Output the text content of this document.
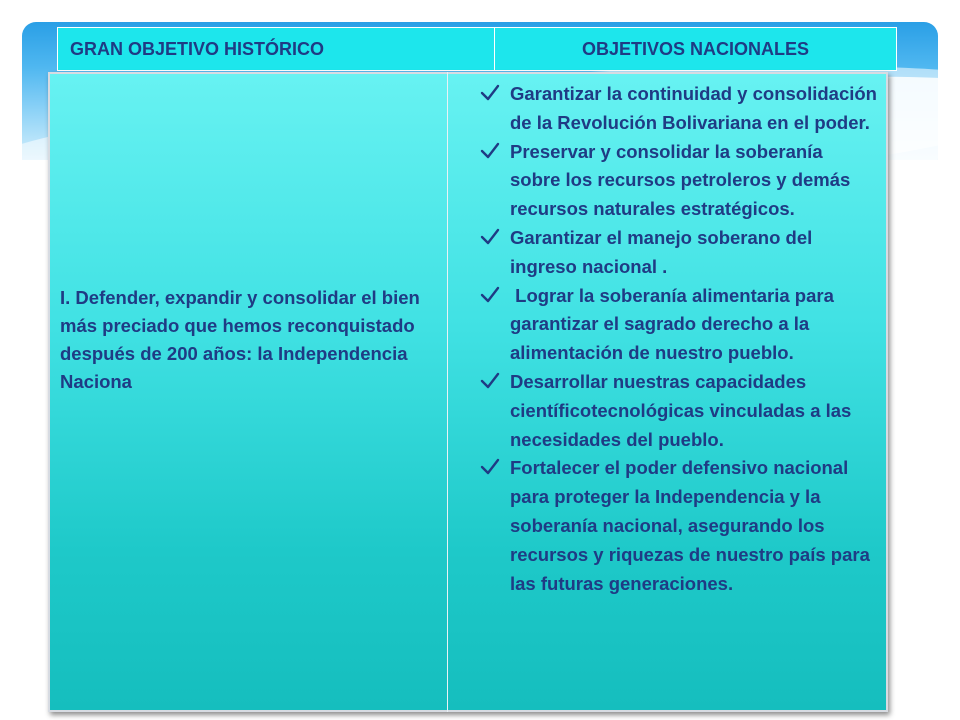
GRAN OBJETIVO HISTÓRICO	OBJETIVOS NACIONALES
I. Defender, expandir y consolidar el bien más preciado que hemos reconquistado después de 200 años: la Independencia Naciona
Garantizar la continuidad y consolidación de la Revolución Bolivariana en el poder.
Preservar y consolidar la soberanía sobre los recursos petroleros y demás recursos naturales estratégicos.
Garantizar el manejo soberano del ingreso nacional .
Lograr la soberanía alimentaria para garantizar el sagrado derecho a la alimentación de nuestro pueblo.
Desarrollar nuestras capacidades científicotecnológicas vinculadas a las necesidades del pueblo.
Fortalecer el poder defensivo nacional para proteger la Independencia y la soberanía nacional, asegurando los recursos y riquezas de nuestro país para las futuras generaciones.
